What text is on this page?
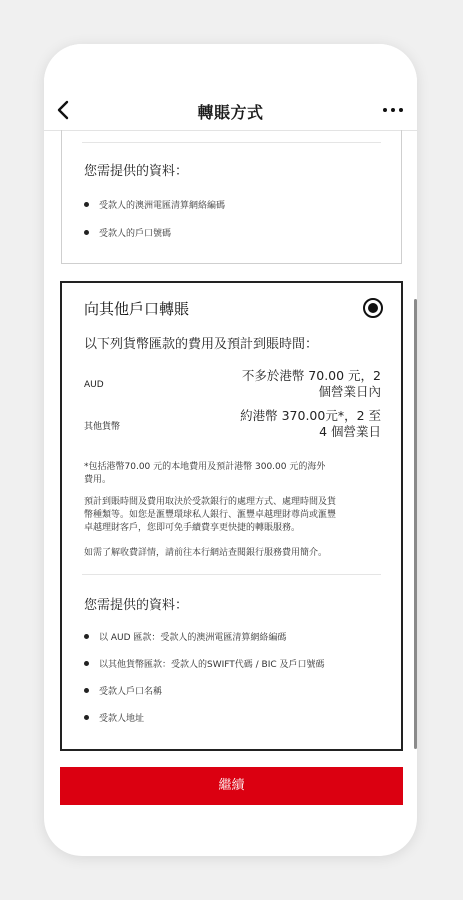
轉賬方式
您需提供的資料：
受款人的澳洲電匯清算網絡編碼
受款人的戶口號碼
向其他戶口轉賬
以下列貨幣匯款的費用及預計到賬時間：
AUD
不多於港幣 70.00 元，2
個營業日內
其他貨幣
約港幣 370.00元*，2 至
4 個營業日
*包括港幣70.00 元的本地費用及預計港幣 300.00 元的海外
費用。
預計到賬時間及費用取決於受款銀行的處理方式、處理時間及貨
幣種類等。如您是滙豐環球私人銀行、滙豐卓越理財尊尚或滙豐
卓越理財客戶，您即可免手續費享更快捷的轉賬服務。
如需了解收費詳情，請前往本行網站查閱銀行服務費用簡介。
您需提供的資料：
以 AUD 匯款：受款人的澳洲電匯清算網絡編碼
以其他貨幣匯款：受款人的SWIFT代碼 / BIC 及戶口號碼
受款人戶口名稱
受款人地址
繼續
